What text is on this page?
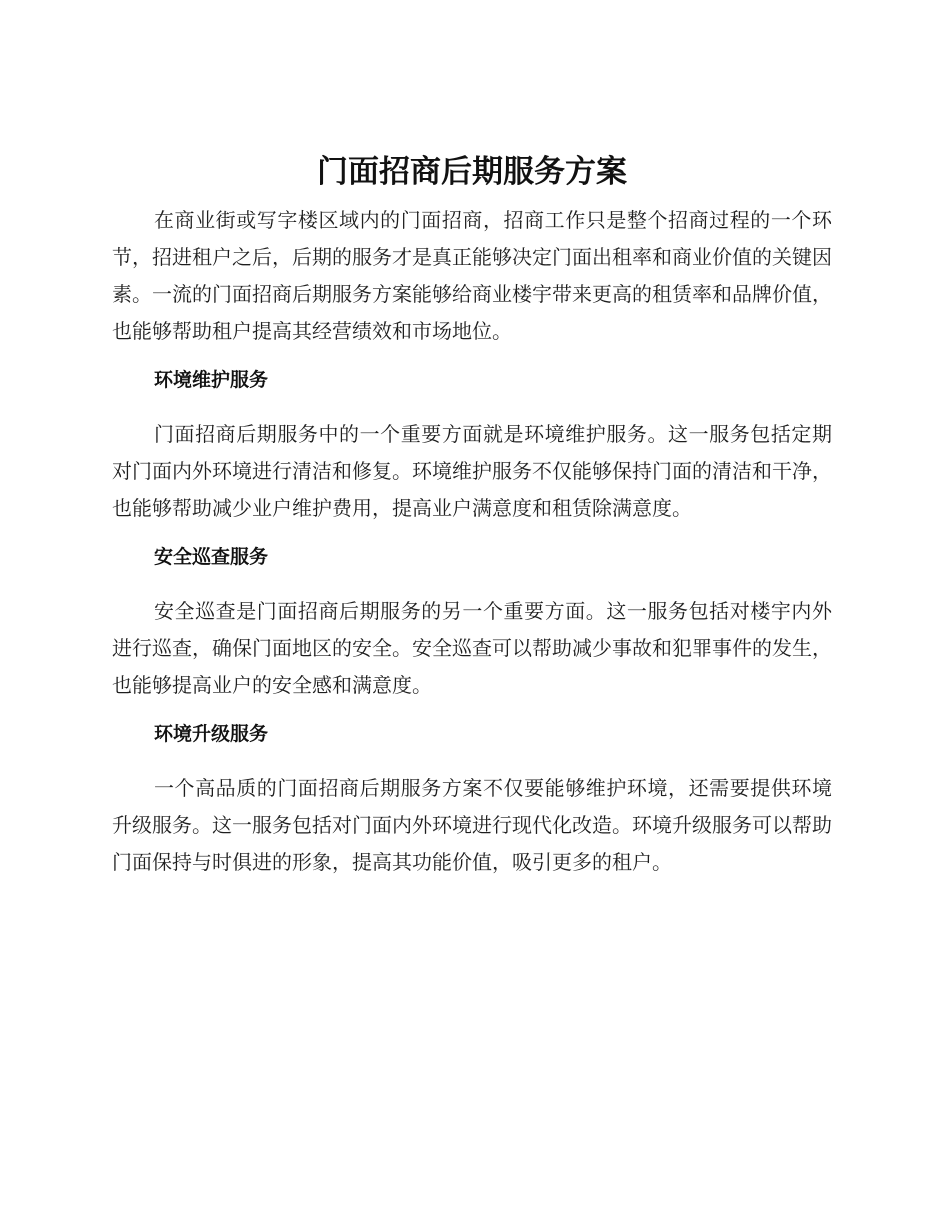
门面招商后期服务方案

在商业街或写字楼区域内的门面招商，招商工作只是整个招商过程的一个环节，招进租户之后，后期的服务才是真正能够决定门面出租率和商业价值的关键因素。一流的门面招商后期服务方案能够给商业楼宇带来更高的租赁率和品牌价值，也能够帮助租户提高其经营绩效和市场地位。

环境维护服务

门面招商后期服务中的一个重要方面就是环境维护服务。这一服务包括定期对门面内外环境进行清洁和修复。环境维护服务不仅能够保持门面的清洁和干净，也能够帮助减少业户维护费用，提高业户满意度和租赁除满意度。

安全巡查服务

安全巡查是门面招商后期服务的另一个重要方面。这一服务包括对楼宇内外进行巡查，确保门面地区的安全。安全巡查可以帮助减少事故和犯罪事件的发生，也能够提高业户的安全感和满意度。

环境升级服务

一个高品质的门面招商后期服务方案不仅要能够维护环境，还需要提供环境升级服务。这一服务包括对门面内外环境进行现代化改造。环境升级服务可以帮助门面保持与时俱进的形象，提高其功能价值，吸引更多的租户。
